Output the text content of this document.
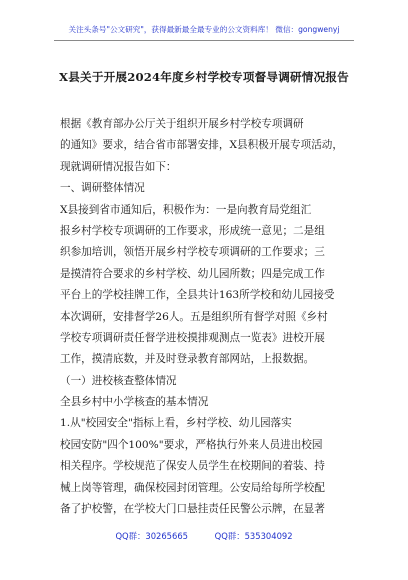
关注头条号"公文研究"，获得最新最全最专业的公文资料库！ 微信：gongwenyj
X县关于开展2024年度乡村学校专项督导调研情况报告
根据《教育部办公厅关于组织开展乡村学校专项调研
的通知》要求，结合省市部署安排，X县积极开展专项活动，
现就调研情况报告如下：
一、调研整体情况
X县接到省市通知后，积极作为：一是向教育局党组汇
报乡村学校专项调研的工作要求，形成统一意见；二是组
织参加培训，领悟开展乡村学校专项调研的工作要求；三
是摸清符合要求的乡村学校、幼儿园所数；四是完成工作
平台上的学校挂牌工作，全县共计163所学校和幼儿园接受
本次调研，安排督学26人。五是组织所有督学对照《乡村
学校专项调研责任督学进校摸排观测点一览表》进校开展
工作，摸清底数，并及时登录教育部网站，上报数据。
（一）进校核查整体情况
全县乡村中小学核查的基本情况
1.从"校园安全"指标上看，乡村学校、幼儿园落实
校园安防"四个100%"要求，严格执行外来人员进出校园
相关程序。学校规范了保安人员学生在校期间的着装、持
械上岗等管理，确保校园封闭管理。公安局给每所学校配
备了护校警，在学校大门口悬挂责任民警公示牌，在显著
QQ群：30265665	QQ群：535304092
